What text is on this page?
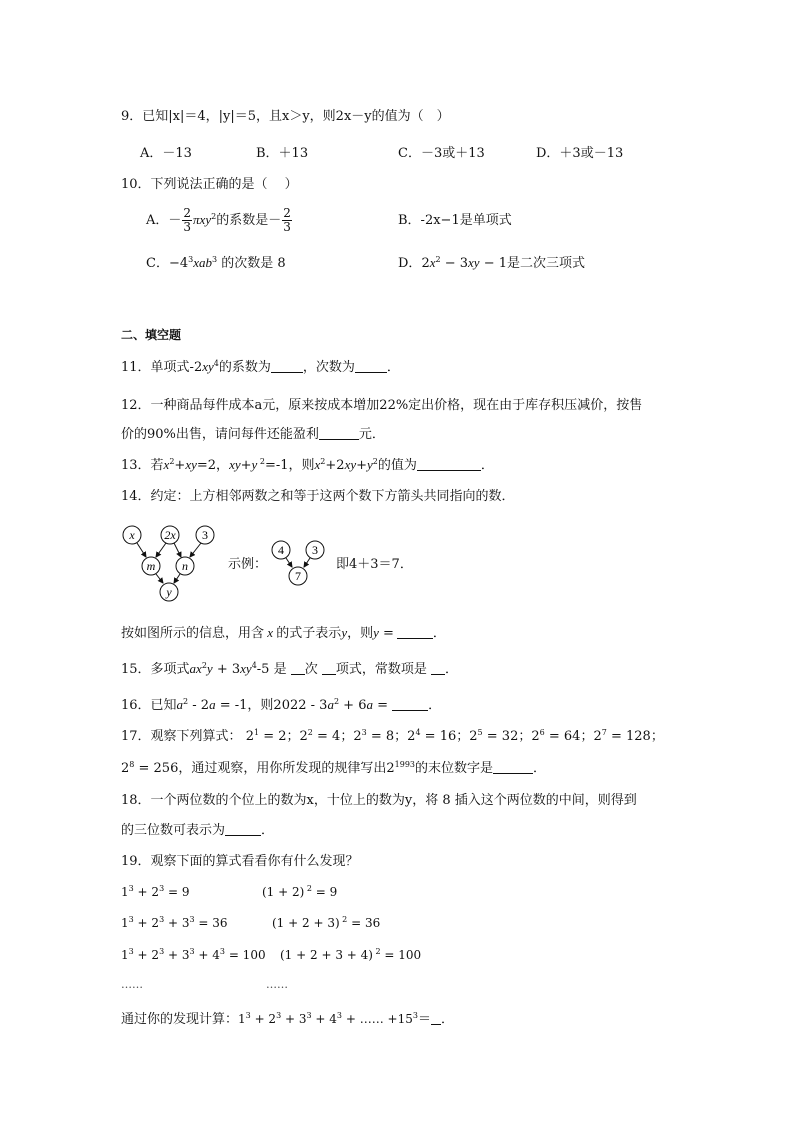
9．已知|x|＝4，|y|＝5，且x＞y，则2x－y的值为（　）
A．－13	B．＋13	C．－3或＋13	D．＋3或－13
10．下列说法正确的是（　 ）
A．－ $\frac{2}{3} \pi xy^2$的系数是－ $\frac{2}{3}$	B．-2x−1是单项式
C．$-4^3xab^3$ 的次数是 8	D．$2x^2 - 3xy - 1$是二次三项式
二、填空题
11．单项式$-2xy^4$的系数为 ，次数为 ．
12．一种商品每件成本a元，原来按成本增加22%定出价格，现在由于库存积压减价，按售
价的90%出售，请问每件还能盈利	元．
13．若$x^2+xy=2$，xy+y $^2$=-1，则$x^2+2xy+y^2$的值为	．
14．约定：上方相邻两数之和等于这两个数下方箭头共同指向的数．
x 2x 3
m n
y
示例：
4 3
7
即4＋3＝7．
按如图所示的信息，用含 x 的式子表示y，则y =	．
15．多项式$ax^2y + 3xy^4-5$ 是 次 项式，常数项是 ．
16．已知$a^2 - 2a = -1$，则$2022 - 3a^2 + 6a$ =	．
17．观察下列算式： $2^1 = 2$；$2^2 = 4$；$2^3 = 8$；$2^4 = 16$；$2^5 = 32$；$2^6 = 64$；$2^7 = 128$；
$2^8 = 256$，通过观察，用你所发现的规律写出$2^{1993}$的末位数字是	．
18．一个两位数的个位上的数为x，十位上的数为y，将 8 插入这个两位数的中间，则得到
的三位数可表示为	．
19．观察下面的算式看看你有什么发现？
$1^3 + 2^3 = 9$	(1 + 2) $^2$ = 9
$1^3 + 2^3 + 3^3 = 36$	(1 + 2 + 3) $^2$ = 36
$1^3 + 2^3 + 3^3 + 4^3 = 100$ (1 + 2 + 3 + 4) $^2$ = 100
……	……
通过你的发现计算：$1^3 + 2^3 + 3^3 + 4^3$ + …… $+15^3=$ ．
